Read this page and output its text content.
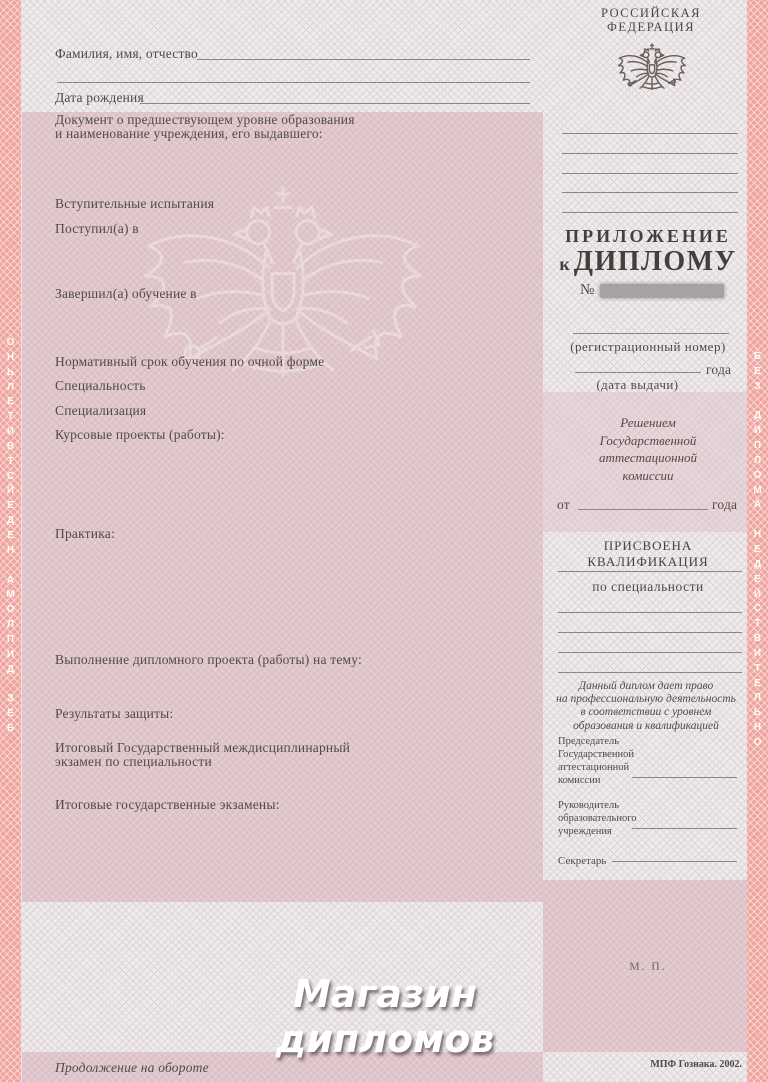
О
Н
Ь
Л
Е
Т
И
В
Т
С
Й
Е
Д
Е
Н

А
М
О
Л
П
И
Д

З
Е
Б
Б
Е
З

Д
И
П
Л
О
М
А

Н
Е
Д
Е
Й
С
Т
В
И
Т
Е
Л
Ь
Н
О
РОССИЙСКАЯ
ФЕДЕРАЦИЯ
Фамилия, имя, отчество
Дата рождения
Документ о предшествующем уровне образования
и наименование учреждения, его выдавшего:
Вступительные испытания
Поступил(а) в
Завершил(а) обучение в
Нормативный срок обучения по очной форме
Специальность
Специализация
Курсовые проекты (работы):
Практика:
Выполнение дипломного проекта (работы) на тему:
Результаты защиты:
Итоговый Государственный междисциплинарный
экзамен по специальности
Итоговые государственные экзамены:
ПРИЛОЖЕНИЕ
к ДИПЛОМУ
№
(регистрационный номер)
года
(дата выдачи)
Решением
Государственной
аттестационной
комиссии
от	года
ПРИСВОЕНА КВАЛИФИКАЦИЯ
по специальности
Данный диплом дает право
на профессиональную деятельность
в соответствии с уровнем
образования и квалификацией
Председатель
Государственной
аттестационной
комиссии
Руководитель
образовательного
учреждения
Секретарь
М. П.
Магазин
дипломов
Продолжение на обороте	МПФ Гознака. 2002.
